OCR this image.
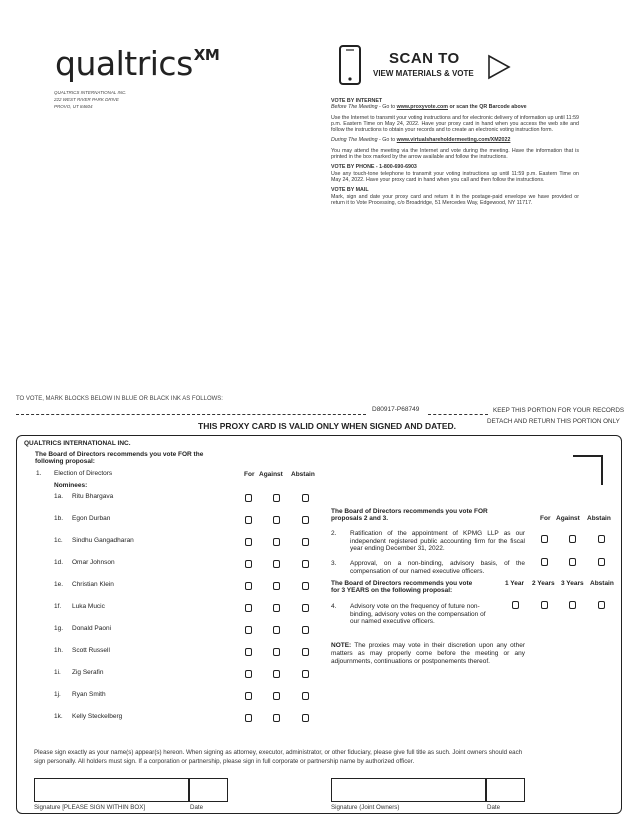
qualtrics$^{XM}$
QUALTRICS INTERNATIONAL INC.
222 WEST RIVER PARK DRIVE
PROVO, UT 84604
SCAN TO
VIEW MATERIALS & VOTE
VOTE BY INTERNET

Before The Meeting - Go to www.proxyvote.com or scan the QR Barcode above

Use the Internet to transmit your voting instructions and for electronic delivery of information up until 11:59 p.m. Eastern Time on May 24, 2022. Have your proxy card in hand when you access the web site and follow the instructions to obtain your records and to create an electronic voting instruction form.

During The Meeting - Go to www.virtualshareholdermeeting.com/XM2022

You may attend the meeting via the Internet and vote during the meeting. Have the information that is printed in the box marked by the arrow available and follow the instructions.

VOTE BY PHONE - 1-800-690-6903

Use any touch-tone telephone to transmit your voting instructions up until 11:59 p.m. Eastern Time on May 24, 2022. Have your proxy card in hand when you call and then follow the instructions.

VOTE BY MAIL

Mark, sign and date your proxy card and return it in the postage-paid envelope we have provided or return it to Vote Processing, c/o Broadridge, 51 Mercedes Way, Edgewood, NY 11717.

TO VOTE, MARK BLOCKS BELOW IN BLUE OR BLACK INK AS FOLLOWS:
D80917-P68749	KEEP THIS PORTION FOR YOUR RECORDS
DETACH AND RETURN THIS PORTION ONLY
THIS PROXY CARD IS VALID ONLY WHEN SIGNED AND DATED.
QUALTRICS INTERNATIONAL INC.
The Board of Directors recommends you vote FOR the
following proposal:
1. Election of Directors	For Against Abstain
Nominees:
1a. Ritu Bhargava
1b. Egon Durban
1c. Sindhu Gangadharan
1d. Omar Johnson
1e. Christian Klein
1f. Luka Mucic
1g. Donald Paoni
1h. Scott Russell
1i. Zig Serafin
1j. Ryan Smith
1k. Kelly Steckelberg
The Board of Directors recommends you vote FOR
proposals 2 and 3.	For Against Abstain
2. Ratification of the appointment of KPMG LLP as our independent registered public accounting firm for the fiscal year ending December 31, 2022.
3. Approval, on a non-binding, advisory basis, of the compensation of our named executive officers.
The Board of Directors recommends you vote
for 3 YEARS on the following proposal:
1 Year 2 Years 3 Years Abstain
4. Advisory vote on the frequency of future non-binding, advisory votes on the compensation of our named executive officers.
NOTE: The proxies may vote in their discretion upon any other matters as may properly come before the meeting or any adjournments, continuations or postponements thereof.
Please sign exactly as your name(s) appear(s) hereon. When signing as attorney, executor, administrator, or other fiduciary, please give full title as such. Joint owners should each sign personally. All holders must sign. If a corporation or partnership, please sign in full corporate or partnership name by authorized officer.
Signature [PLEASE SIGN WITHIN BOX]	Date	Signature (Joint Owners)	Date
